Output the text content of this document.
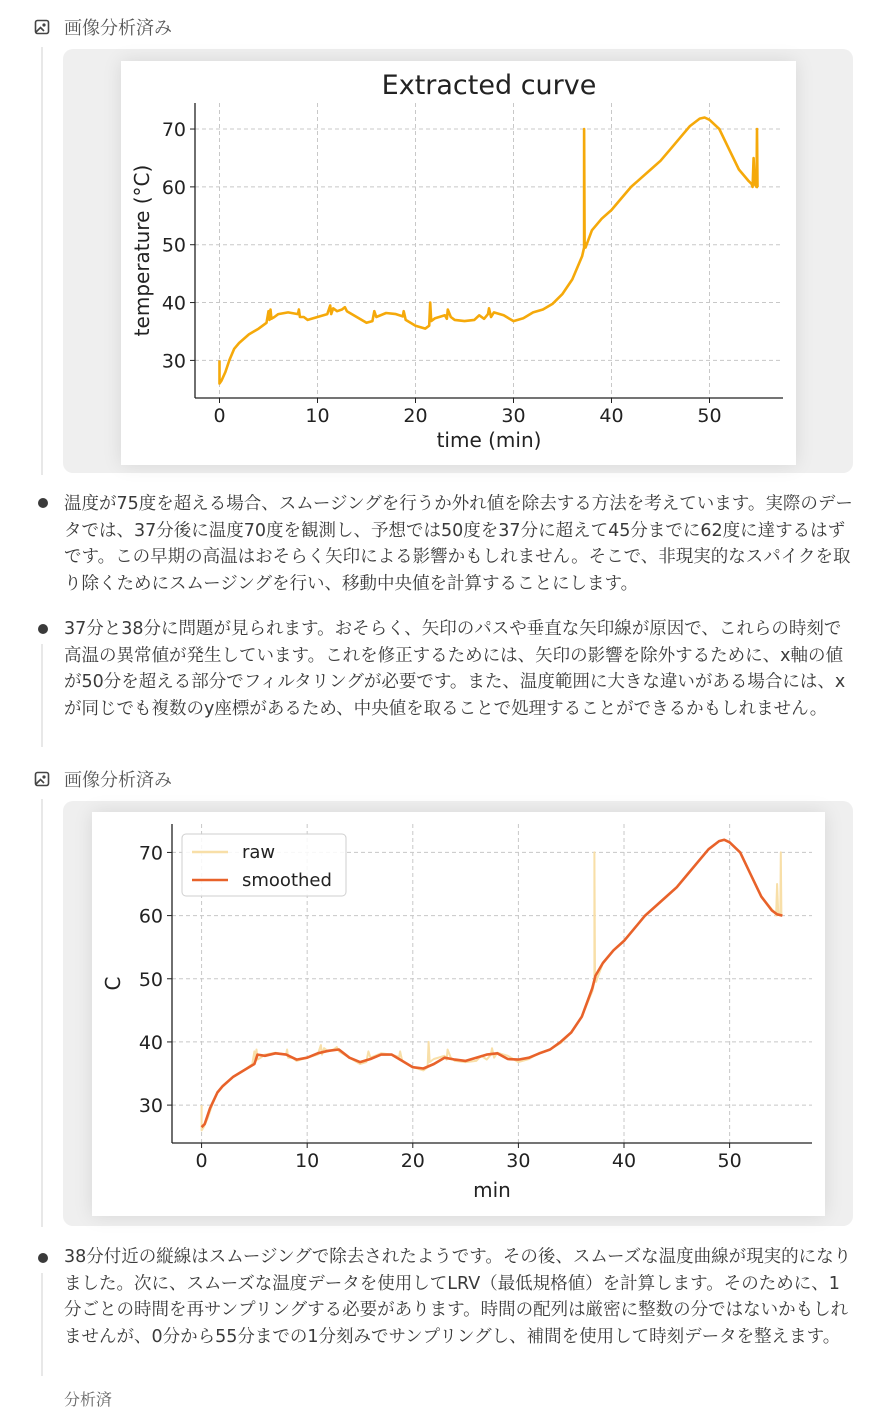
画像分析済み
0	10	20	30	40	50
30
40
50
60
70
Extracted curve
time (min)
temperature (°C)

温度が75度を超える場合、スムージングを行うか外れ値を除去する方法を考えています。実際のデータでは、37分後に温度70度を観測し、予想では50度を37分に超えて45分までに62度に達するはずです。この早期の高温はおそらく矢印による影響かもしれません。そこで、非現実的なスパイクを取り除くためにスムージングを行い、移動中央値を計算することにします。

37分と38分に問題が見られます。おそらく、矢印のパスや垂直な矢印線が原因で、これらの時刻で高温の異常値が発生しています。これを修正するためには、矢印の影響を除外するために、x軸の値が50分を超える部分でフィルタリングが必要です。また、温度範囲に大きな違いがある場合には、xが同じでも複数のy座標があるため、中央値を取ることで処理することができるかもしれません。

画像分析済み
0	10	20	30	40	50
30
40
50
60
70
min
C
raw
smoothed

38分付近の縦線はスムージングで除去されたようです。その後、スムーズな温度曲線が現実的になりました。次に、スムーズな温度データを使用してLRV（最低規格値）を計算します。そのために、1分ごとの時間を再サンプリングする必要があります。時間の配列は厳密に整数の分ではないかもしれませんが、0分から55分までの1分刻みでサンプリングし、補間を使用して時刻データを整えます。

分析済
